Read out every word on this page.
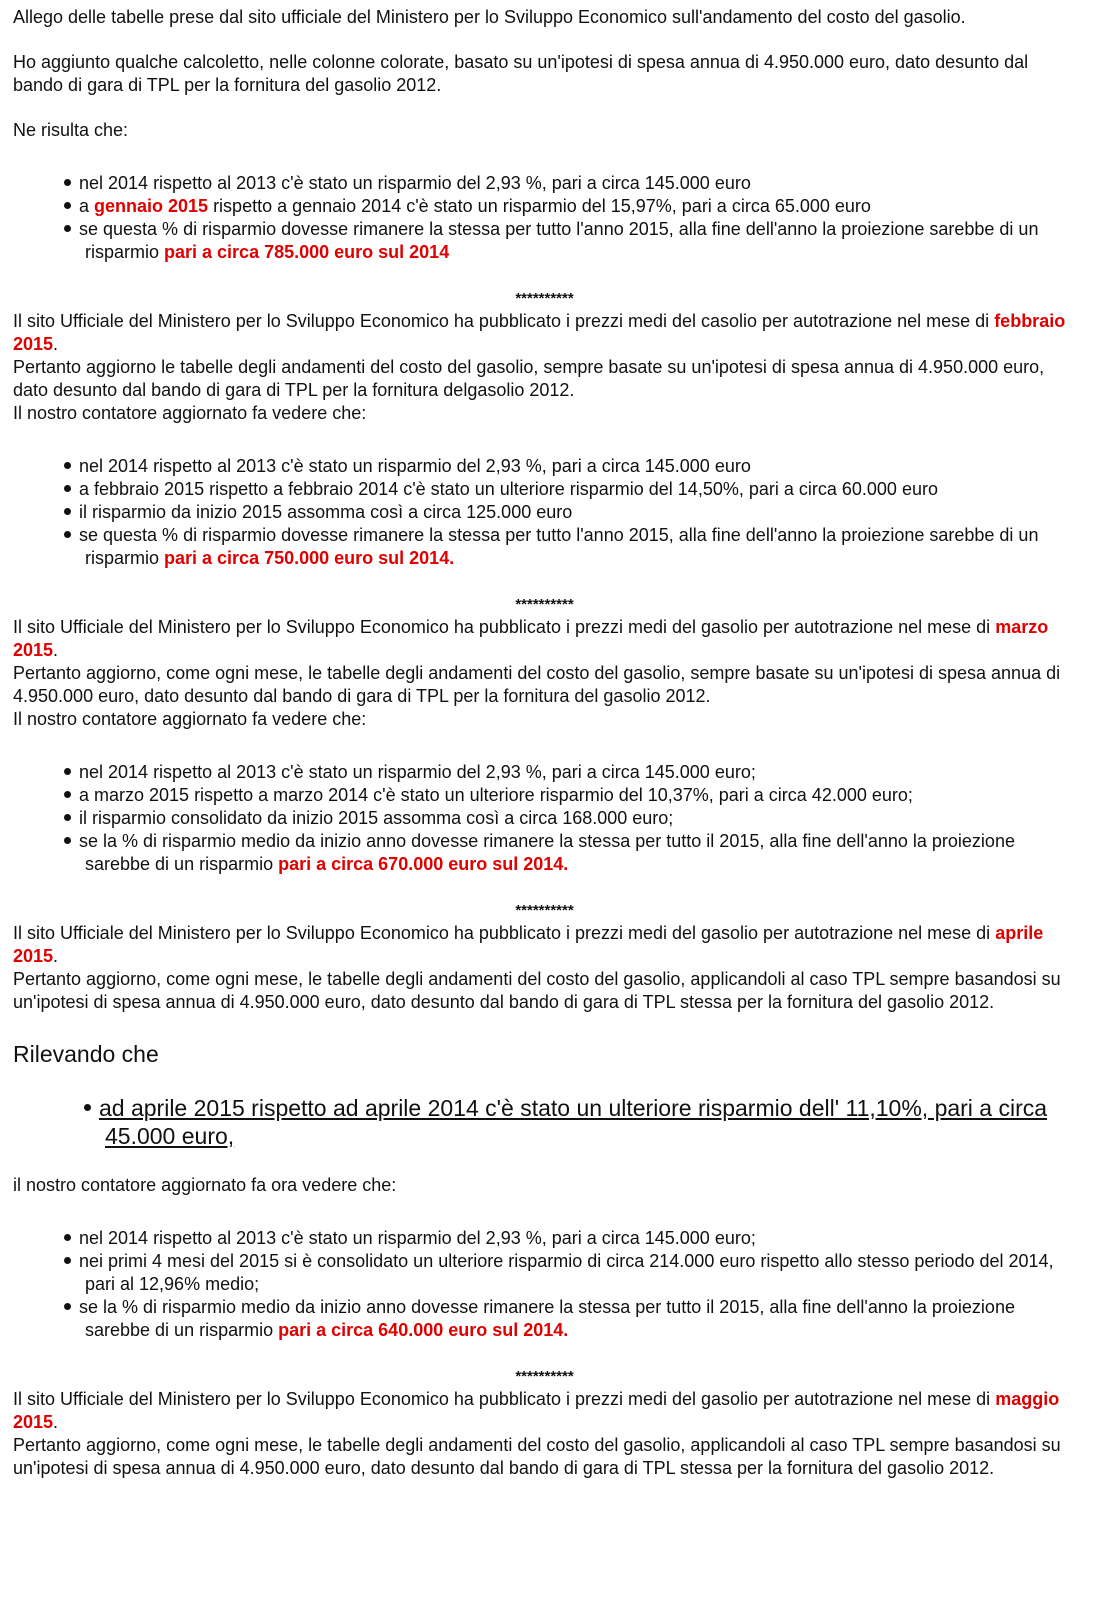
Allego delle tabelle prese dal sito ufficiale del Ministero per lo Sviluppo Economico sull'andamento del costo del gasolio.

Ho aggiunto qualche calcoletto, nelle colonne colorate, basato su un'ipotesi di spesa annua di 4.950.000 euro, dato desunto dal bando di gara di TPL per la fornitura del gasolio 2012.

Ne risulta che:

nel 2014 rispetto al 2013 c'è stato un risparmio del 2,93 %, pari a circa 145.000 euro
a gennaio 2015 rispetto a gennaio 2014 c'è stato un risparmio del 15,97%, pari a circa 65.000 euro
se questa % di risparmio dovesse rimanere la stessa per tutto l'anno 2015, alla fine dell'anno la proiezione sarebbe di un risparmio pari a circa 785.000 euro sul 2014

**********

Il sito Ufficiale del Ministero per lo Sviluppo Economico ha pubblicato i prezzi medi del casolio per autotrazione nel mese di febbraio 2015.

Pertanto aggiorno le tabelle degli andamenti del costo del gasolio, sempre basate su un'ipotesi di spesa annua di 4.950.000 euro, dato desunto dal bando di gara di TPL per la fornitura delgasolio 2012.

Il nostro contatore aggiornato fa vedere che:

nel 2014 rispetto al 2013 c'è stato un risparmio del 2,93 %, pari a circa 145.000 euro
a febbraio 2015 rispetto a febbraio 2014 c'è stato un ulteriore risparmio del 14,50%, pari a circa 60.000 euro
il risparmio da inizio 2015 assomma così a circa 125.000 euro
se questa % di risparmio dovesse rimanere la stessa per tutto l'anno 2015, alla fine dell'anno la proiezione sarebbe di un risparmio pari a circa 750.000 euro sul 2014.

**********

Il sito Ufficiale del Ministero per lo Sviluppo Economico ha pubblicato i prezzi medi del gasolio per autotrazione nel mese di marzo 2015.

Pertanto aggiorno, come ogni mese, le tabelle degli andamenti del costo del gasolio, sempre basate su un'ipotesi di spesa annua di 4.950.000 euro, dato desunto dal bando di gara di TPL per la fornitura del gasolio 2012.

Il nostro contatore aggiornato fa vedere che:

nel 2014 rispetto al 2013 c'è stato un risparmio del 2,93 %, pari a circa 145.000 euro;
a marzo 2015 rispetto a marzo 2014 c'è stato un ulteriore risparmio del 10,37%, pari a circa 42.000 euro;
il risparmio consolidato da inizio 2015 assomma così a circa 168.000 euro;
se la % di risparmio medio da inizio anno dovesse rimanere la stessa per tutto il 2015, alla fine dell'anno la proiezione sarebbe di un risparmio pari a circa 670.000 euro sul 2014.

**********

Il sito Ufficiale del Ministero per lo Sviluppo Economico ha pubblicato i prezzi medi del gasolio per autotrazione nel mese di aprile 2015.

Pertanto aggiorno, come ogni mese, le tabelle degli andamenti del costo del gasolio, applicandoli al caso TPL sempre basandosi su un'ipotesi di spesa annua di 4.950.000 euro, dato desunto dal bando di gara di TPL stessa per la fornitura del gasolio 2012.

Rilevando che

ad aprile 2015 rispetto ad aprile 2014 c'è stato un ulteriore risparmio dell' 11,10%, pari a circa 45.000 euro,

il nostro contatore aggiornato fa ora vedere che:

nel 2014 rispetto al 2013 c'è stato un risparmio del 2,93 %, pari a circa 145.000 euro;
nei primi 4 mesi del 2015 si è consolidato un ulteriore risparmio di circa 214.000 euro rispetto allo stesso periodo del 2014, pari al 12,96% medio;
se la % di risparmio medio da inizio anno dovesse rimanere la stessa per tutto il 2015, alla fine dell'anno la proiezione sarebbe di un risparmio pari a circa 640.000 euro sul 2014.

**********

Il sito Ufficiale del Ministero per lo Sviluppo Economico ha pubblicato i prezzi medi del gasolio per autotrazione nel mese di maggio 2015.

Pertanto aggiorno, come ogni mese, le tabelle degli andamenti del costo del gasolio, applicandoli al caso TPL sempre basandosi su un'ipotesi di spesa annua di 4.950.000 euro, dato desunto dal bando di gara di TPL stessa per la fornitura del gasolio 2012.
